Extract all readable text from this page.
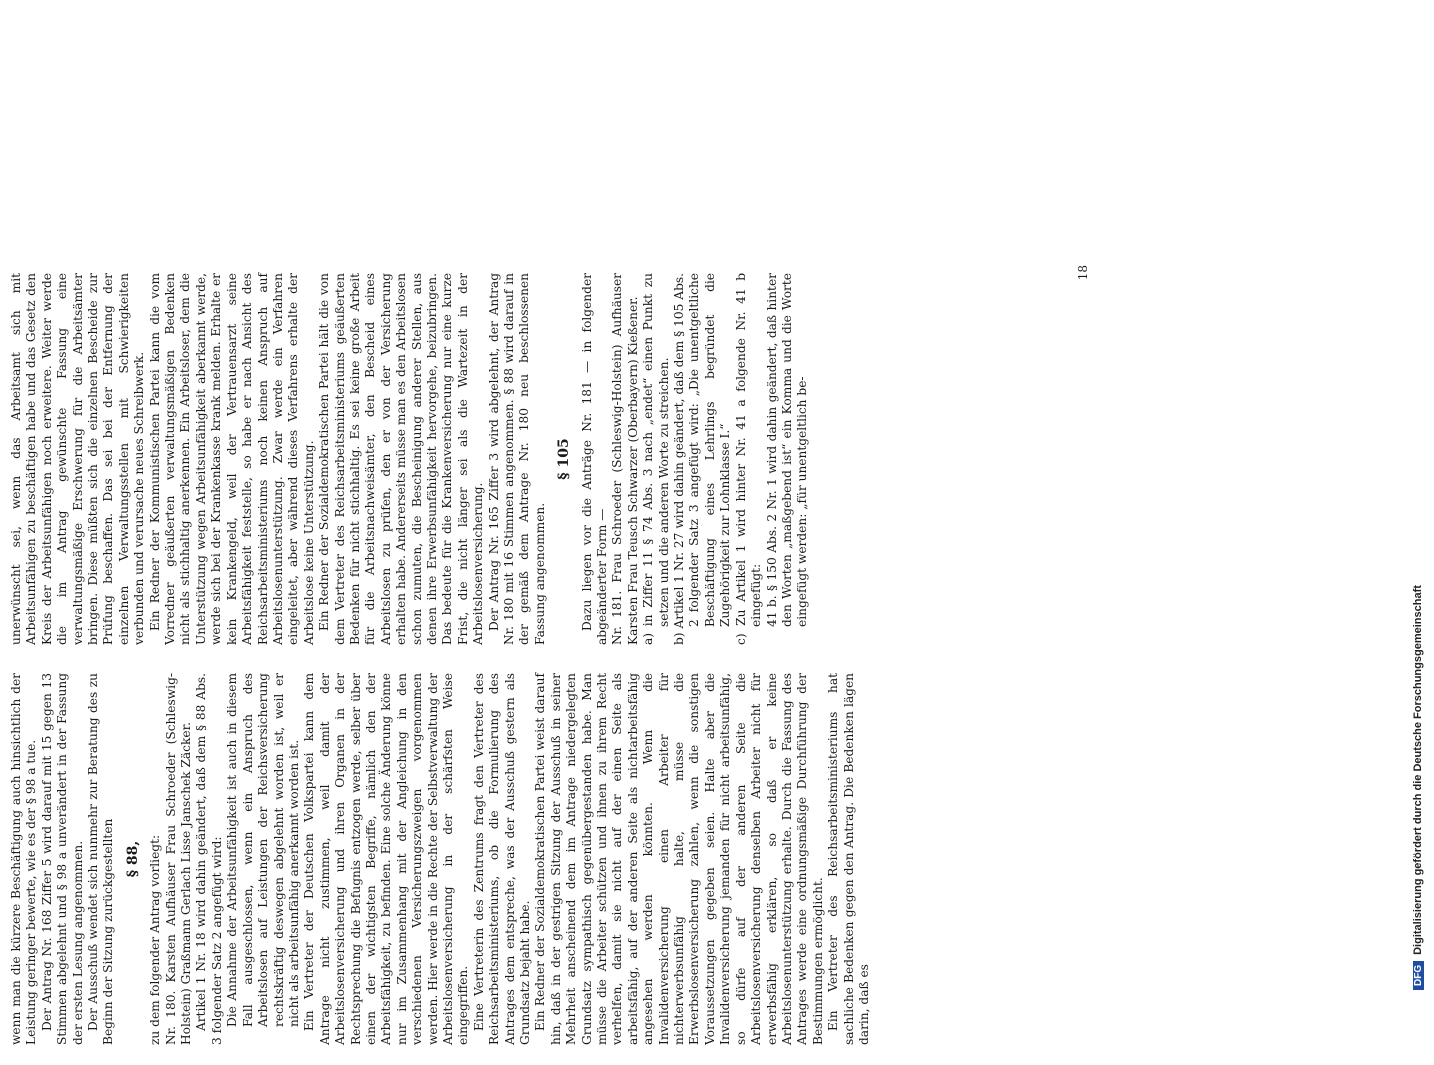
wenn man die kürzere Beschäftigung auch hinsichtlich der Leistung geringer bewerte, wie es der § 98 a tue. Der Antrag Nr. 168 Ziffer 5 wird darauf mit 15 gegen 13 Stimmen abgelehnt und § 98 a unverändert in der Fassung der ersten Lesung angenommen. Der Ausschuß wendet sich nunmehr zur Beratung des zu Beginn der Sitzung zurückgestellten § 88, zu dem folgender Antrag vorliegt: Nr. 180. Karsten Aufhäuser Frau Schroeder (Schleswig-Holstein) Graßmann Gerlach Lisse Janschek Zäcker. Artikel 1 Nr. 18 wird dahin geändert, daß dem § 88 Abs. 3 folgender Satz 2 angefügt wird: Die Annahme der Arbeitsunfähigkeit ist auch in diesem Fall ausgeschlossen, wenn ein Anspruch des Arbeitslosen auf Leistungen der Reichsversicherung rechtskräftig deswegen abgelehnt worden ist, weil er nicht als arbeitsunfähig anerkannt worden ist. Ein Vertreter der Deutschen Volkspartei kann dem Antrage nicht zustimmen, weil damit der Arbeitslosenversicherung und ihren Organen in der Rechtsprechung die Befugnis entzogen werde, selber über einen der wichtigsten Begriffe, nämlich den der Arbeitsfähigkeit, zu befinden. Eine solche Änderung könne nur im Zusammenhang mit der Angleichung in den verschiedenen Versicherungszweigen vorgenommen werden. Hier werde in die Rechte der Selbstverwaltung der Arbeitslosenversicherung in der schärfsten Weise eingegriffen. Eine Vertreterin des Zentrums fragt den Vertreter des Reichsarbeitsministeriums, ob die Formulierung des Antrages dem entspreche, was der Ausschuß gestern als Grundsatz bejaht habe. Ein Redner der Sozialdemokratischen Partei weist darauf hin, daß in der gestrigen Sitzung der Ausschuß in seiner Mehrheit anscheinend dem im Antrage niedergelegten Grundsatz sympathisch gegenübergestanden habe. Man müsse die Arbeiter schützen und ihnen zu ihrem Recht verhelfen, damit sie nicht auf der einen Seite als arbeitsfähig, auf der anderen Seite als nichtarbeitsfähig angesehen werden könnten. Wenn die Invalidenversicherung einen Arbeiter für nichterwerbsunfähig halte, müsse die Erwerbslosenversicherung zahlen, wenn die sonstigen Voraussetzungen gegeben seien. Halte aber die Invalidenversicherung jemanden für nicht arbeitsunfähig, so dürfe auf der anderen Seite die Arbeitslosenversicherung denselben Arbeiter nicht für erwerbsfähig erklären, so daß er keine Arbeitslosenunterstützung erhalte. Durch die Fassung des Antrages werde eine ordnungsmäßige Durchführung der Bestimmungen ermöglicht. Ein Vertreter des Reichsarbeitsministeriums hat sachliche Bedenken gegen den Antrag. Die Bedenken lägen darin, daß es

unerwünscht sei, wenn das Arbeitsamt sich mit Arbeitsunfähigen zu beschäftigen habe und das Gesetz den Kreis der Arbeitsunfähigen noch erweitere. Weiter werde die im Antrag gewünschte Fassung eine verwaltungsmäßige Erschwerung für die Arbeitsämter bringen. Diese müßten sich die einzelnen Bescheide zur Prüfung beschaffen. Das sei bei der Entfernung der einzelnen Verwaltungsstellen mit Schwierigkeiten verbunden und verursache neues Schreibwerk. Ein Redner der Kommunistischen Partei kann die vom Vorredner geäußerten verwaltungsmäßigen Bedenken nicht als stichhaltig anerkennen. Ein Arbeitsloser, dem die Unterstützung wegen Arbeitsunfähigkeit aberkannt werde, werde sich bei der Krankenkasse krank melden. Erhalte er kein Krankengeld, weil der Vertrauensarzt seine Arbeitsfähigkeit feststelle, so habe er nach Ansicht des Reichsarbeitsministeriums noch keinen Anspruch auf Arbeitslosenunterstützung. Zwar werde ein Verfahren eingeleitet, aber während dieses Verfahrens erhalte der Arbeitslose keine Unterstützung. Ein Redner der Sozialdemokratischen Partei hält die von dem Vertreter des Reichsarbeitsministeriums geäußerten Bedenken für nicht stichhaltig. Es sei keine große Arbeit für die Arbeitsnachweisämter, den Bescheid eines Arbeitslosen zu prüfen, den er von der Versicherung erhalten habe. Andererseits müsse man es den Arbeitslosen schon zumuten, die Bescheinigung anderer Stellen, aus denen ihre Erwerbsunfähigkeit hervorgehe, beizubringen. Das bedeute für die Krankenversicherung nur eine kurze Frist, die nicht länger sei als die Wartezeit in der Arbeitslosenversicherung. Der Antrag Nr. 165 Ziffer 3 wird abgelehnt, der Antrag Nr. 180 mit 16 Stimmen angenommen. § 88 wird darauf in der gemäß dem Antrage Nr. 180 neu beschlossenen Fassung angenommen.

§ 105 Dazu liegen vor die Anträge Nr. 181 — in folgender abgeänderter Form — Nr. 181. Frau Schroeder (Schleswig-Holstein) Aufhäuser Karsten Frau Teusch Schwarzer (Oberbayern) Kießener. a) in Ziffer 11 § 74 Abs. 3 nach „endet“ einen Punkt zu setzen und die anderen Worte zu streichen. b) Artikel 1 Nr. 27 wird dahin geändert, daß dem § 105 Abs. 2 folgender Satz 3 angefügt wird: „Die unentgeltliche Beschäftigung eines Lehrlings begründet die Zugehörigkeit zur Lohnklasse I.“ c) Zu Artikel 1 wird hinter Nr. 41 a folgende Nr. 41 b eingefügt: 41 b. § 150 Abs. 2 Nr. 1 wird dahin geändert, daß hinter den Worten „maßgebend ist“ ein Komma und die Worte eingefügt werden: „für unentgeltlich be-

18
DFGDigitalisierung gefördert durch die Deutsche Forschungsgemeinschaft
